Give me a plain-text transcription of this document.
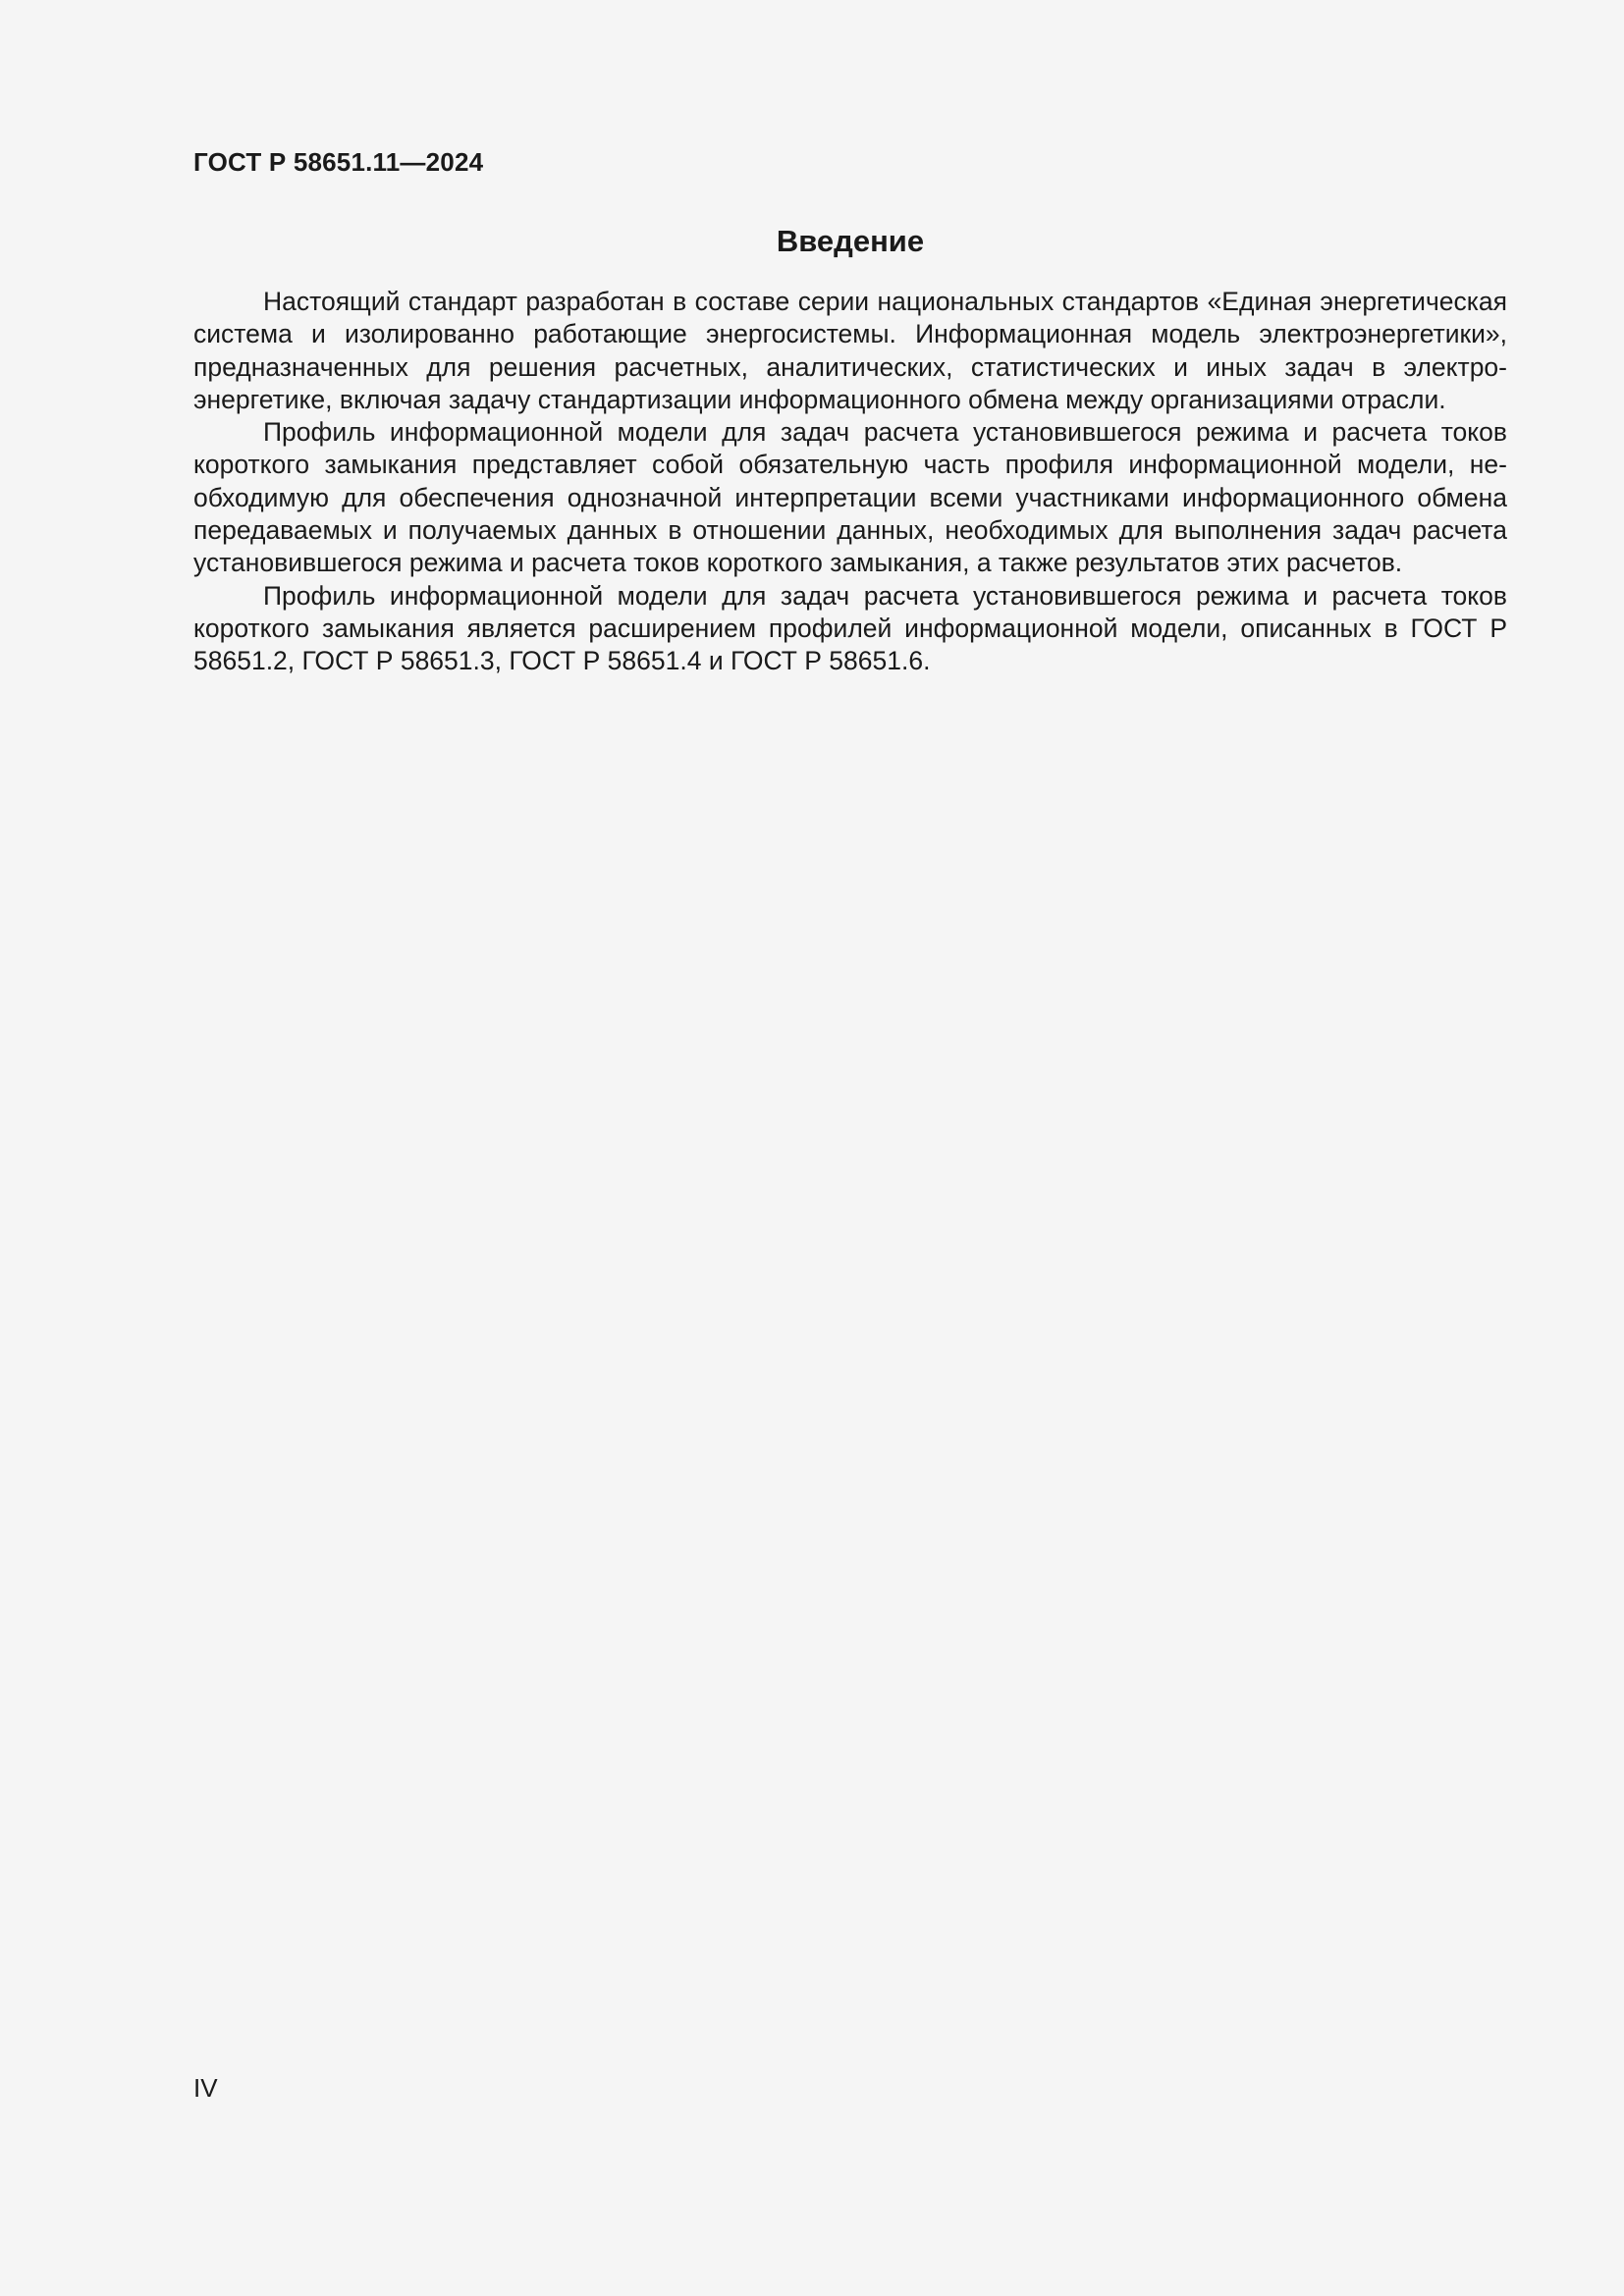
ГОСТ Р 58651.11—2024

Введение

Настоящий стандарт разработан в составе серии национальных стандартов «Единая энергетическая система и изолированно работающие энергосистемы. Информационная модель электроэнергетики», предназначенных для решения расчетных, аналитических, статистических и иных задач в электроэнергетике, включая задачу стандартизации информационного обмена между организациями отрасли.

Профиль информационной модели для задач расчета установившегося режима и расчета токов короткого замыкания представляет собой обязательную часть профиля информационной модели, необходимую для обеспечения однозначной интерпретации всеми участниками информационного обмена передаваемых и получаемых данных в отношении данных, необходимых для выполнения задач расчета установившегося режима и расчета токов короткого замыкания, а также результатов этих расчетов.

Профиль информационной модели для задач расчета установившегося режима и расчета токов короткого замыкания является расширением профилей информационной модели, описанных в ГОСТ Р 58651.2, ГОСТ Р 58651.3, ГОСТ Р 58651.4 и ГОСТ Р 58651.6.

IV
